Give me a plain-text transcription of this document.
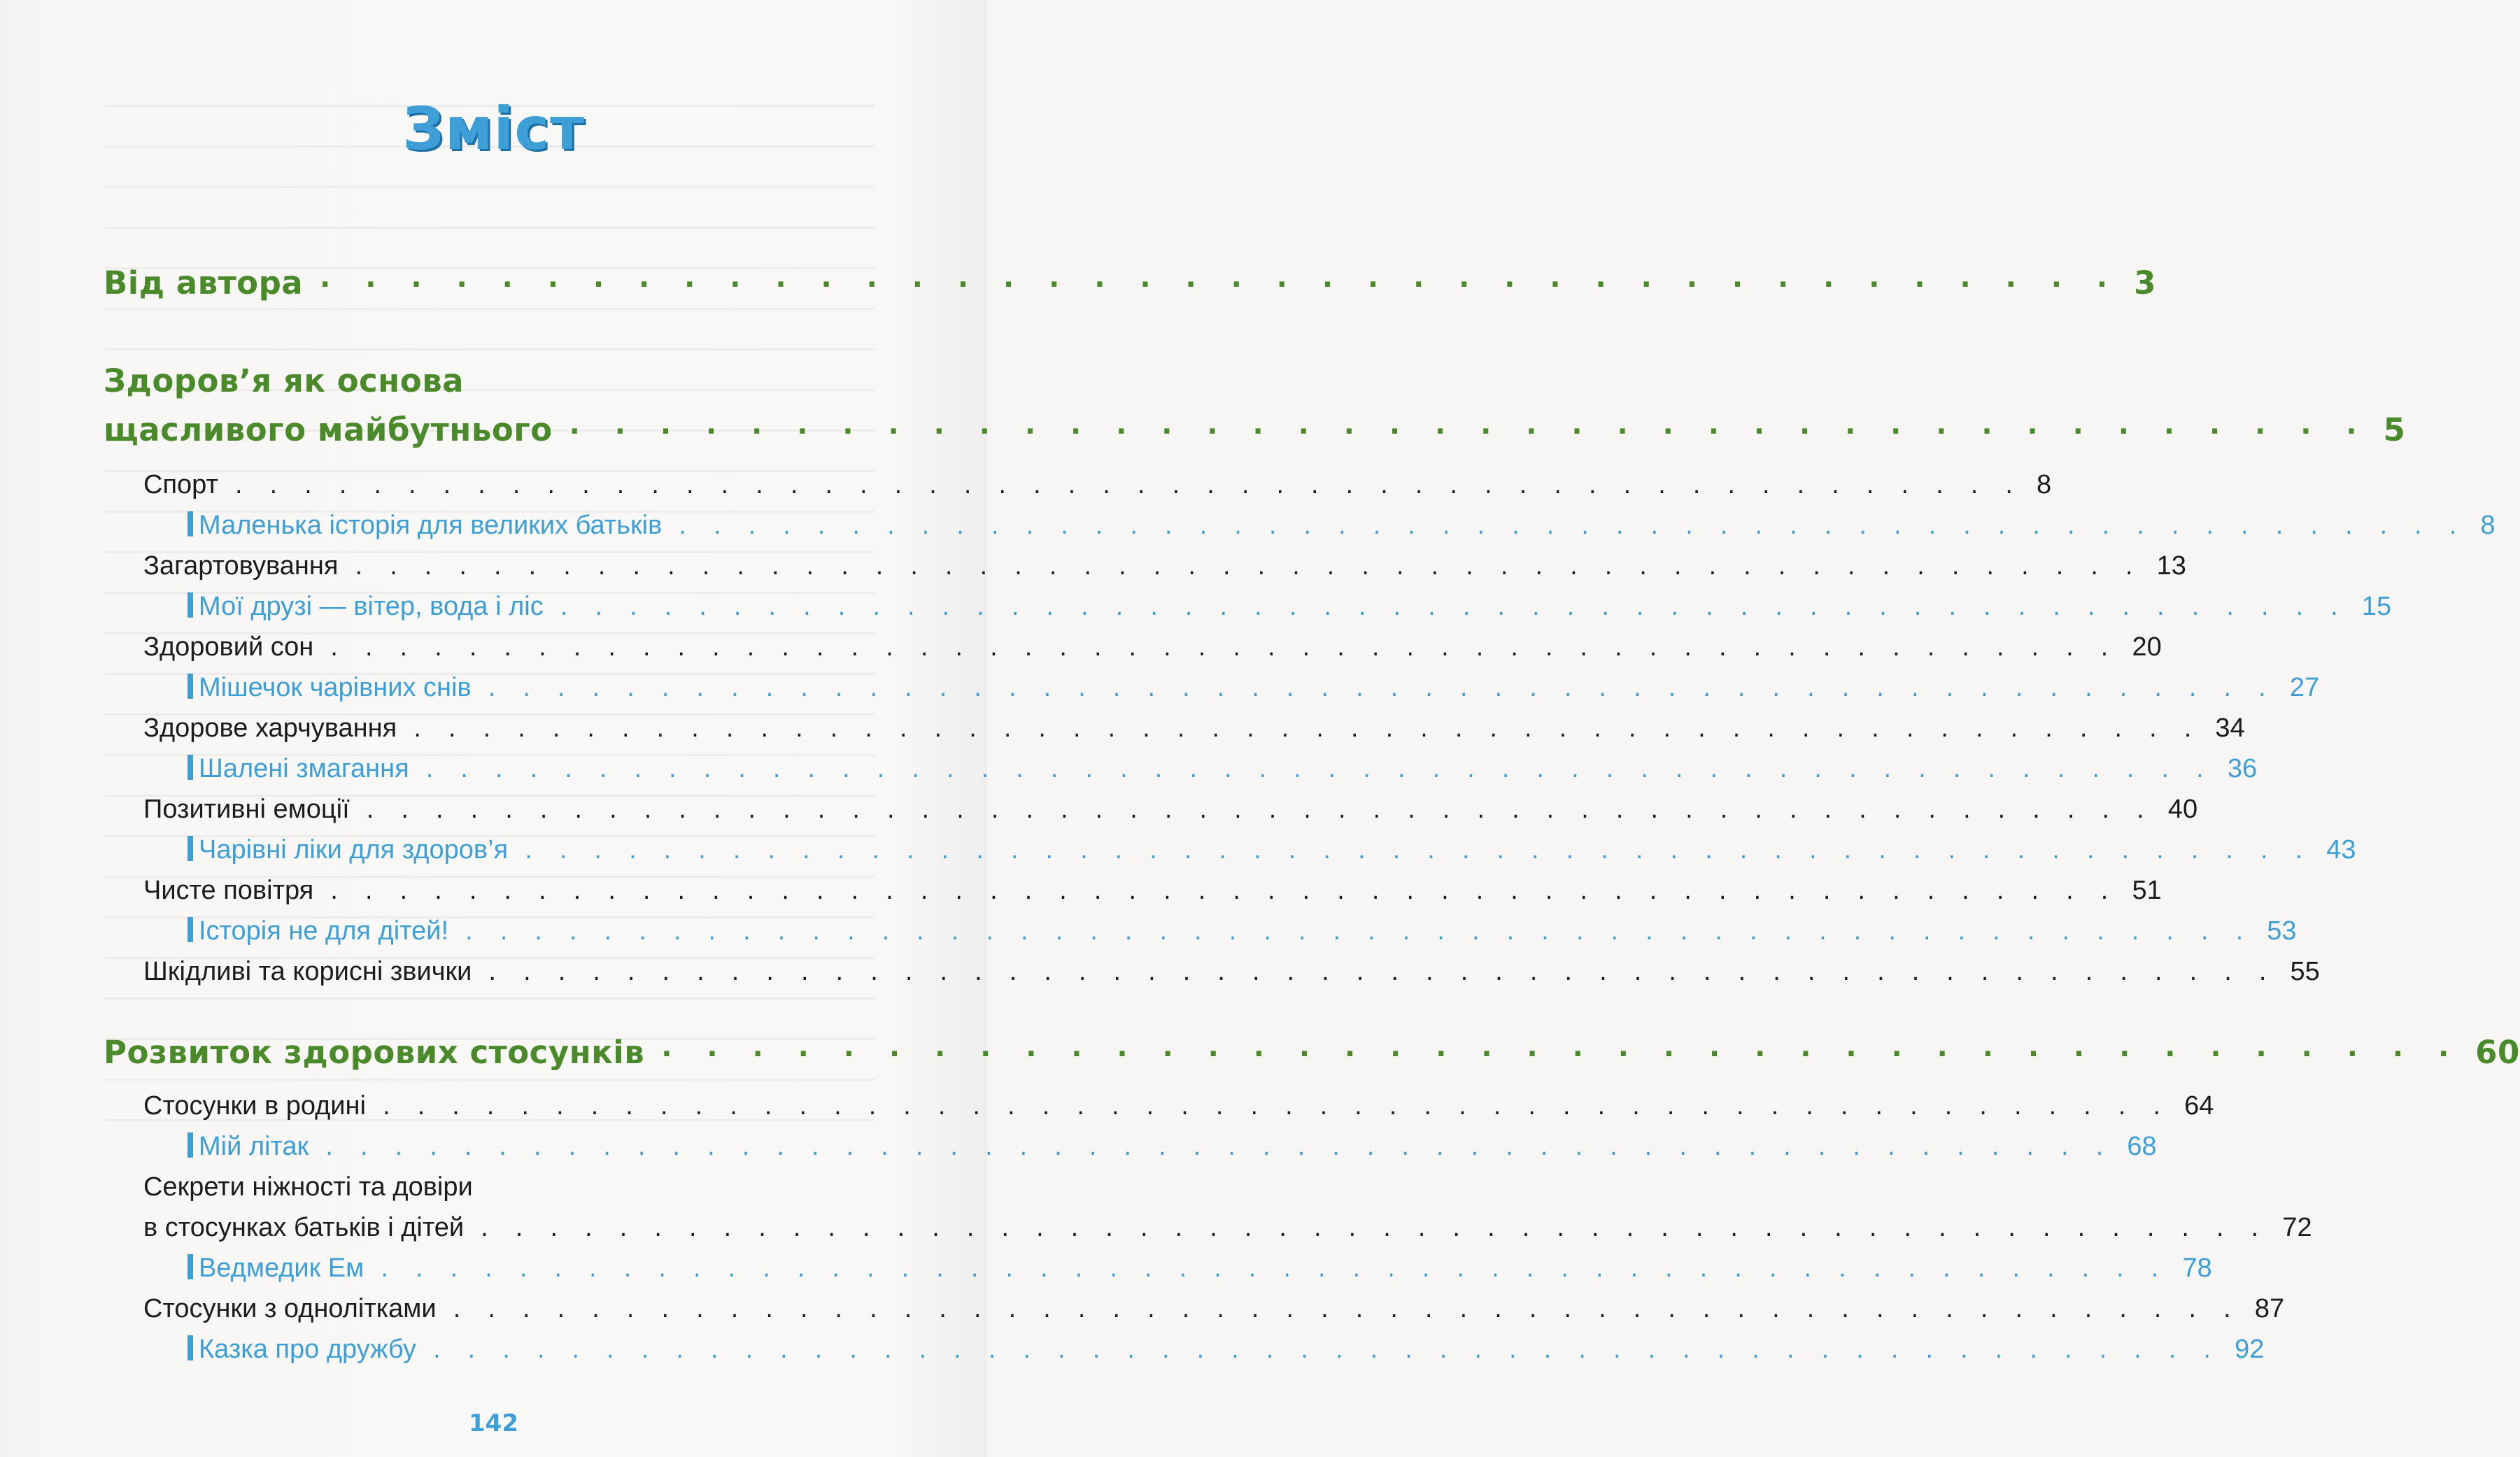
Зміст
Від автора · · · · · · · · · · · · · · · · · · · · · · · · · · · · · · · · · · · · · · · · 3
Здоров’я як основа
щасливого майбутнього · · · · · · · · · · · · · · · · · · · · · · · · · · · · · · · · · · · · · · · · 5
Спорт . . . . . . . . . . . . . . . . . . . . . . . . . . . . . . . . . . . . . . . . . . . . . . . . . . . . 8
Маленька історія для великих батьків . . . . . . . . . . . . . . . . . . . . . . . . . . . . . . . . . . . . . . . . . . . . . . . . . . . . 8
Загартовування . . . . . . . . . . . . . . . . . . . . . . . . . . . . . . . . . . . . . . . . . . . . . . . . . . . . 13
Мої друзі — вітер, вода і ліс . . . . . . . . . . . . . . . . . . . . . . . . . . . . . . . . . . . . . . . . . . . . . . . . . . . . 15
Здоровий сон . . . . . . . . . . . . . . . . . . . . . . . . . . . . . . . . . . . . . . . . . . . . . . . . . . . . 20
Мішечок чарівних снів . . . . . . . . . . . . . . . . . . . . . . . . . . . . . . . . . . . . . . . . . . . . . . . . . . . . 27
Здорове харчування . . . . . . . . . . . . . . . . . . . . . . . . . . . . . . . . . . . . . . . . . . . . . . . . . . . . 34
Шалені змагання . . . . . . . . . . . . . . . . . . . . . . . . . . . . . . . . . . . . . . . . . . . . . . . . . . . . 36
Позитивні емоції . . . . . . . . . . . . . . . . . . . . . . . . . . . . . . . . . . . . . . . . . . . . . . . . . . . . 40
Чарівні ліки для здоров’я . . . . . . . . . . . . . . . . . . . . . . . . . . . . . . . . . . . . . . . . . . . . . . . . . . . . 43
Чисте повітря . . . . . . . . . . . . . . . . . . . . . . . . . . . . . . . . . . . . . . . . . . . . . . . . . . . . 51
Історія не для дітей! . . . . . . . . . . . . . . . . . . . . . . . . . . . . . . . . . . . . . . . . . . . . . . . . . . . . 53
Шкідливі та корисні звички . . . . . . . . . . . . . . . . . . . . . . . . . . . . . . . . . . . . . . . . . . . . . . . . . . . . 55
Розвиток здорових стосунків · · · · · · · · · · · · · · · · · · · · · · · · · · · · · · · · · · · · · · · · 60
Стосунки в родині . . . . . . . . . . . . . . . . . . . . . . . . . . . . . . . . . . . . . . . . . . . . . . . . . . . . 64
Мій літак . . . . . . . . . . . . . . . . . . . . . . . . . . . . . . . . . . . . . . . . . . . . . . . . . . . . 68
Секрети ніжності та довіри
в стосунках батьків і дітей . . . . . . . . . . . . . . . . . . . . . . . . . . . . . . . . . . . . . . . . . . . . . . . . . . . . 72
Ведмедик Ем . . . . . . . . . . . . . . . . . . . . . . . . . . . . . . . . . . . . . . . . . . . . . . . . . . . . 78
Стосунки з однолітками . . . . . . . . . . . . . . . . . . . . . . . . . . . . . . . . . . . . . . . . . . . . . . . . . . . . 87
Казка про дружбу . . . . . . . . . . . . . . . . . . . . . . . . . . . . . . . . . . . . . . . . . . . . . . . . . . . . 92
142
